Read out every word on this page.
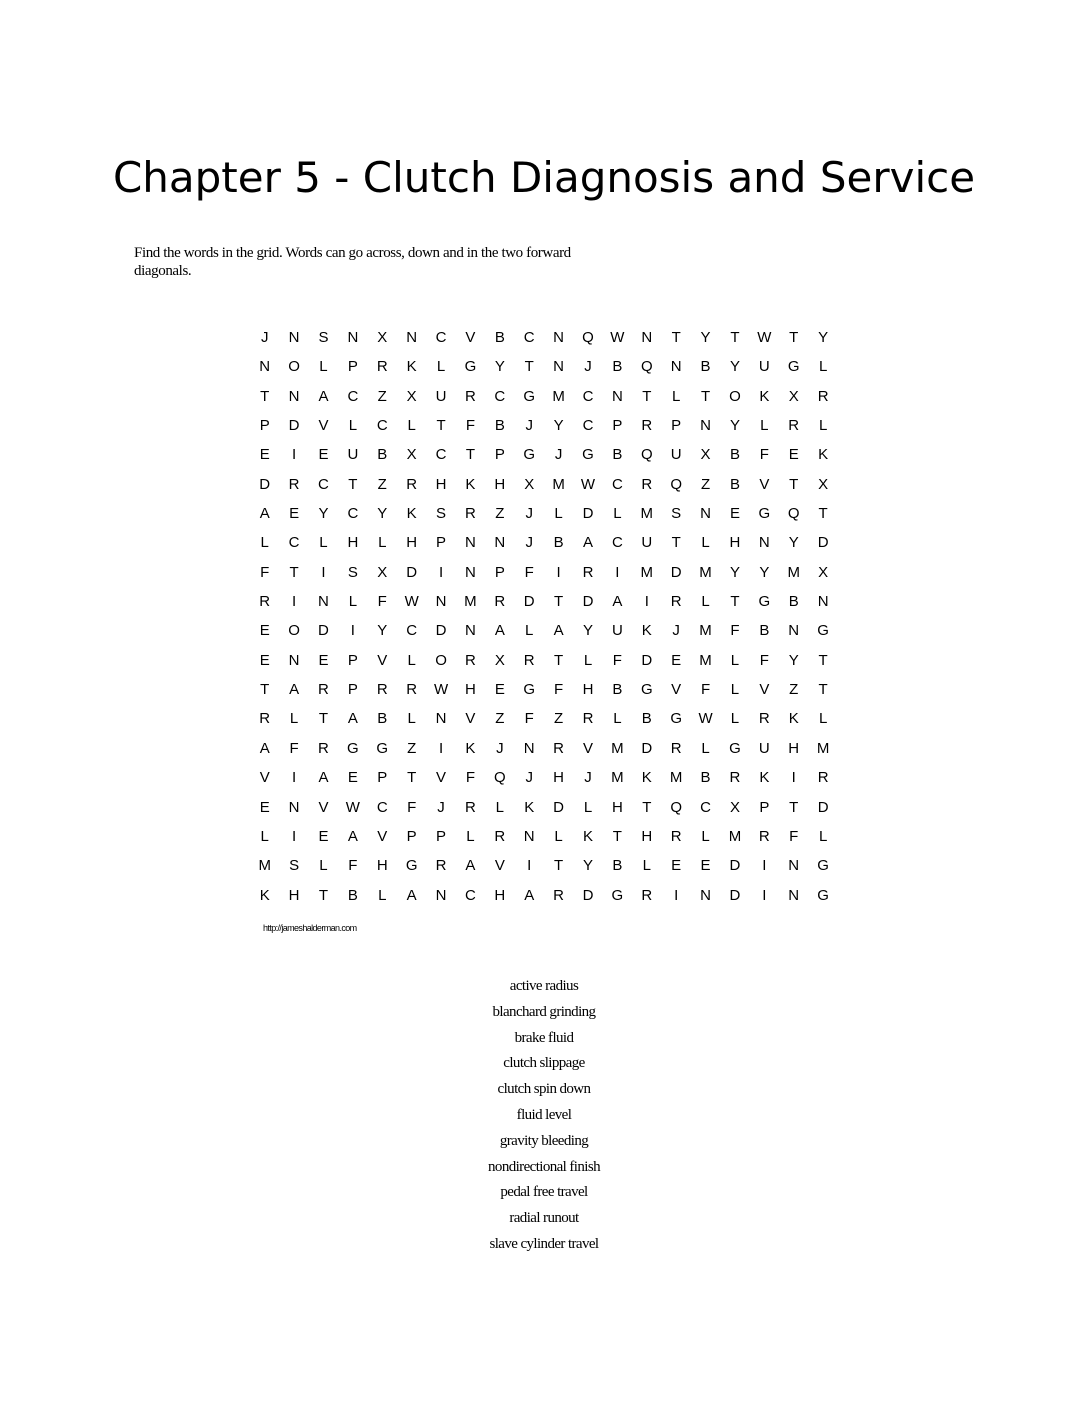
Chapter 5 - Clutch Diagnosis and Service
Find the words in the grid. Words can go across, down and in the two forward diagonals.
J	N	S	N	X	N	C	V	B	C	N	Q	W	N	T	Y	T	W	T	Y
N	O	L	P	R	K	L	G	Y	T	N	J	B	Q	N	B	Y	U	G	L
T	N	A	C	Z	X	U	R	C	G	M	C	N	T	L	T	O	K	X	R
P	D	V	L	C	L	T	F	B	J	Y	C	P	R	P	N	Y	L	R	L
E	I	E	U	B	X	C	T	P	G	J	G	B	Q	U	X	B	F	E	K
D	R	C	T	Z	R	H	K	H	X	M	W	C	R	Q	Z	B	V	T	X
A	E	Y	C	Y	K	S	R	Z	J	L	D	L	M	S	N	E	G	Q	T
L	C	L	H	L	H	P	N	N	J	B	A	C	U	T	L	H	N	Y	D
F	T	I	S	X	D	I	N	P	F	I	R	I	M	D	M	Y	Y	M	X
R	I	N	L	F	W	N	M	R	D	T	D	A	I	R	L	T	G	B	N
E	O	D	I	Y	C	D	N	A	L	A	Y	U	K	J	M	F	B	N	G
E	N	E	P	V	L	O	R	X	R	T	L	F	D	E	M	L	F	Y	T
T	A	R	P	R	R	W	H	E	G	F	H	B	G	V	F	L	V	Z	T
R	L	T	A	B	L	N	V	Z	F	Z	R	L	B	G	W	L	R	K	L
A	F	R	G	G	Z	I	K	J	N	R	V	M	D	R	L	G	U	H	M
V	I	A	E	P	T	V	F	Q	J	H	J	M	K	M	B	R	K	I	R
E	N	V	W	C	F	J	R	L	K	D	L	H	T	Q	C	X	P	T	D
L	I	E	A	V	P	P	L	R	N	L	K	T	H	R	L	M	R	F	L
M	S	L	F	H	G	R	A	V	I	T	Y	B	L	E	E	D	I	N	G
K	H	T	B	L	A	N	C	H	A	R	D	G	R	I	N	D	I	N	G
http://jameshalderman.com
active radius
blanchard grinding
brake fluid
clutch slippage
clutch spin down
fluid level
gravity bleeding
nondirectional finish
pedal free travel
radial runout
slave cylinder travel
